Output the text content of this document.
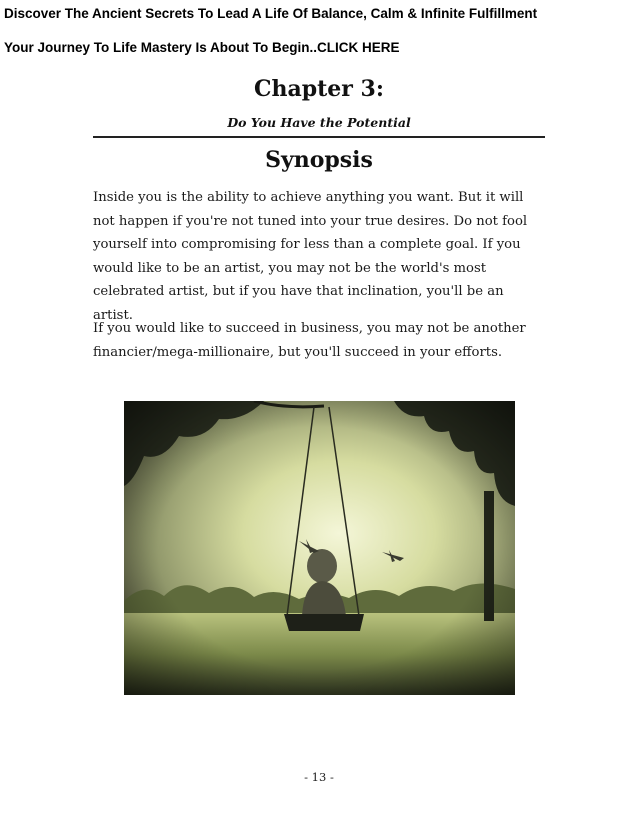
Discover The Ancient Secrets To Lead A Life Of Balance, Calm & Infinite Fulfillment
Your Journey To Life Mastery Is About To Begin..CLICK HERE
Chapter 3:
Do You Have the Potential
Synopsis

Inside you is the ability to achieve anything you want. But it will not happen if you're not tuned into your true desires. Do not fool yourself into compromising for less than a complete goal. If you would like to be an artist, you may not be the world's most celebrated artist, but if you have that inclination, you'll be an artist.

If you would like to succeed in business, you may not be another financier/mega-millionaire, but you'll succeed in your efforts.

- 13 -
